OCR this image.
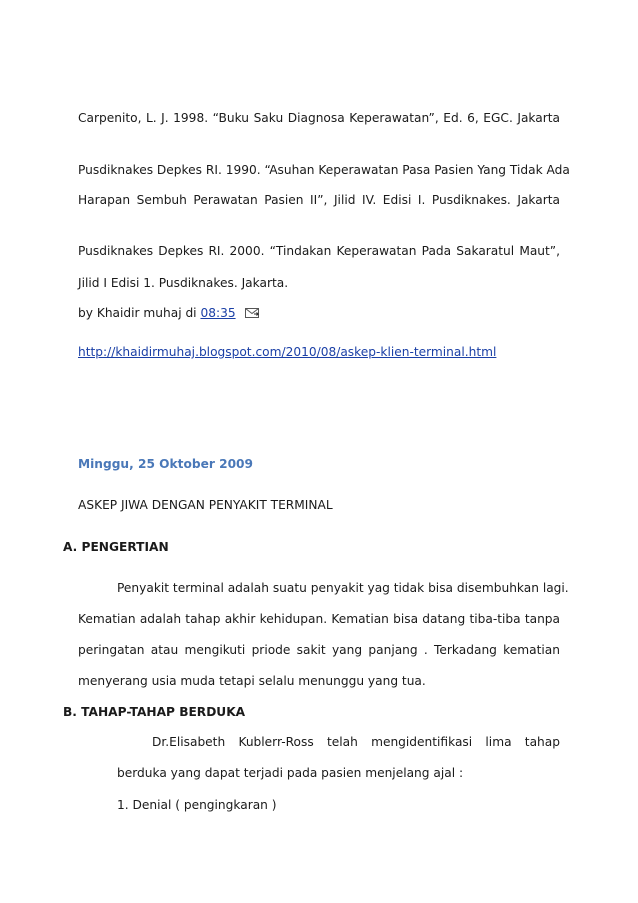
Carpenito, L. J. 1998. “Buku Saku Diagnosa Keperawatan”, Ed. 6, EGC. Jakarta
Pusdiknakes Depkes RI. 1990. “Asuhan Keperawatan Pasa Pasien Yang Tidak Ada
Harapan Sembuh Perawatan Pasien II”, Jilid IV. Edisi I. Pusdiknakes. Jakarta
Pusdiknakes Depkes RI. 2000. “Tindakan Keperawatan Pada Sakaratul Maut”,
Jilid I Edisi 1. Pusdiknakes. Jakarta.
by Khaidir muhaj di 08:35
http://khaidirmuhaj.blogspot.com/2010/08/askep-klien-terminal.html
Minggu, 25 Oktober 2009
ASKEP JIWA DENGAN PENYAKIT TERMINAL
A. PENGERTIAN
Penyakit terminal adalah suatu penyakit yag tidak bisa disembuhkan lagi.
Kematian adalah tahap akhir kehidupan. Kematian bisa datang tiba-tiba tanpa
peringatan atau mengikuti priode sakit yang panjang . Terkadang kematian
menyerang usia muda tetapi selalu menunggu yang tua.
B. TAHAP-TAHAP BERDUKA
Dr.Elisabeth Kublerr-Ross telah mengidentifikasi lima tahap
berduka yang dapat terjadi pada pasien menjelang ajal :
1. Denial ( pengingkaran )
